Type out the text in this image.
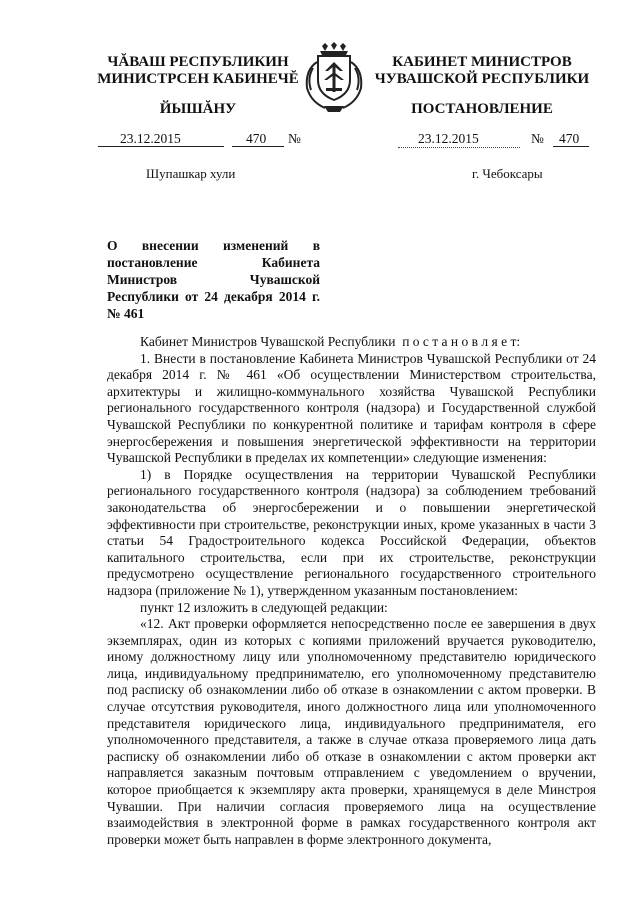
ЧĂВАШ РЕСПУБЛИКИН
МИНИСТРСЕН КАБИНЕЧĔ
ЙЫШĂНУ
КАБИНЕТ МИНИСТРОВ
ЧУВАШСКОЙ РЕСПУБЛИКИ
ПОСТАНОВЛЕНИЕ
23.12.2015	470 №
Шупашкар хули
23.12.2015	№ 470
г. Чебоксары
О внесении изменений в постановление Кабинета Министров Чувашской Республики от 24 декабря 2014 г. № 461

Кабинет Министров Чувашской Республики п о с т а н о в л я е т:

1. Внести в постановление Кабинета Министров Чувашской Республики от 24 декабря 2014 г. № 461 «Об осуществлении Министерством строительства, архитектуры и жилищно-коммунального хозяйства Чувашской Республики регионального государственного контроля (надзора) и Государственной службой Чувашской Республики по конкурентной политике и тарифам контроля в сфере энергосбережения и повышения энергетической эффективности на территории Чувашской Республики в пределах их компетенции» следующие изменения:

1) в Порядке осуществления на территории Чувашской Республики регионального государственного контроля (надзора) за соблюдением требований законодательства об энергосбережении и о повышении энергетической эффективности при строительстве, реконструкции иных, кроме указанных в части 3 статьи 54 Градостроительного кодекса Российской Федерации, объектов капитального строительства, если при их строительстве, реконструкции предусмотрено осуществление регионального государственного строительного надзора (приложение № 1), утвержденном указанным постановлением:

пункт 12 изложить в следующей редакции:

«12. Акт проверки оформляется непосредственно после ее завершения в двух экземплярах, один из которых с копиями приложений вручается руководителю, иному должностному лицу или уполномоченному представителю юридического лица, индивидуальному предпринимателю, его уполномоченному представителю под расписку об ознакомлении либо об отказе в ознакомлении с актом проверки. В случае отсутствия руководителя, иного должностного лица или уполномоченного представителя юридического лица, индивидуального предпринимателя, его уполномоченного представителя, а также в случае отказа проверяемого лица дать расписку об ознакомлении либо об отказе в ознакомлении с актом проверки акт направляется заказным почтовым отправлением с уведомлением о вручении, которое приобщается к экземпляру акта проверки, хранящемуся в деле Минстроя Чувашии. При наличии согласия проверяемого лица на осуществление взаимодействия в электронной форме в рамках государственного контроля акт проверки может быть направлен в форме электронного документа,
